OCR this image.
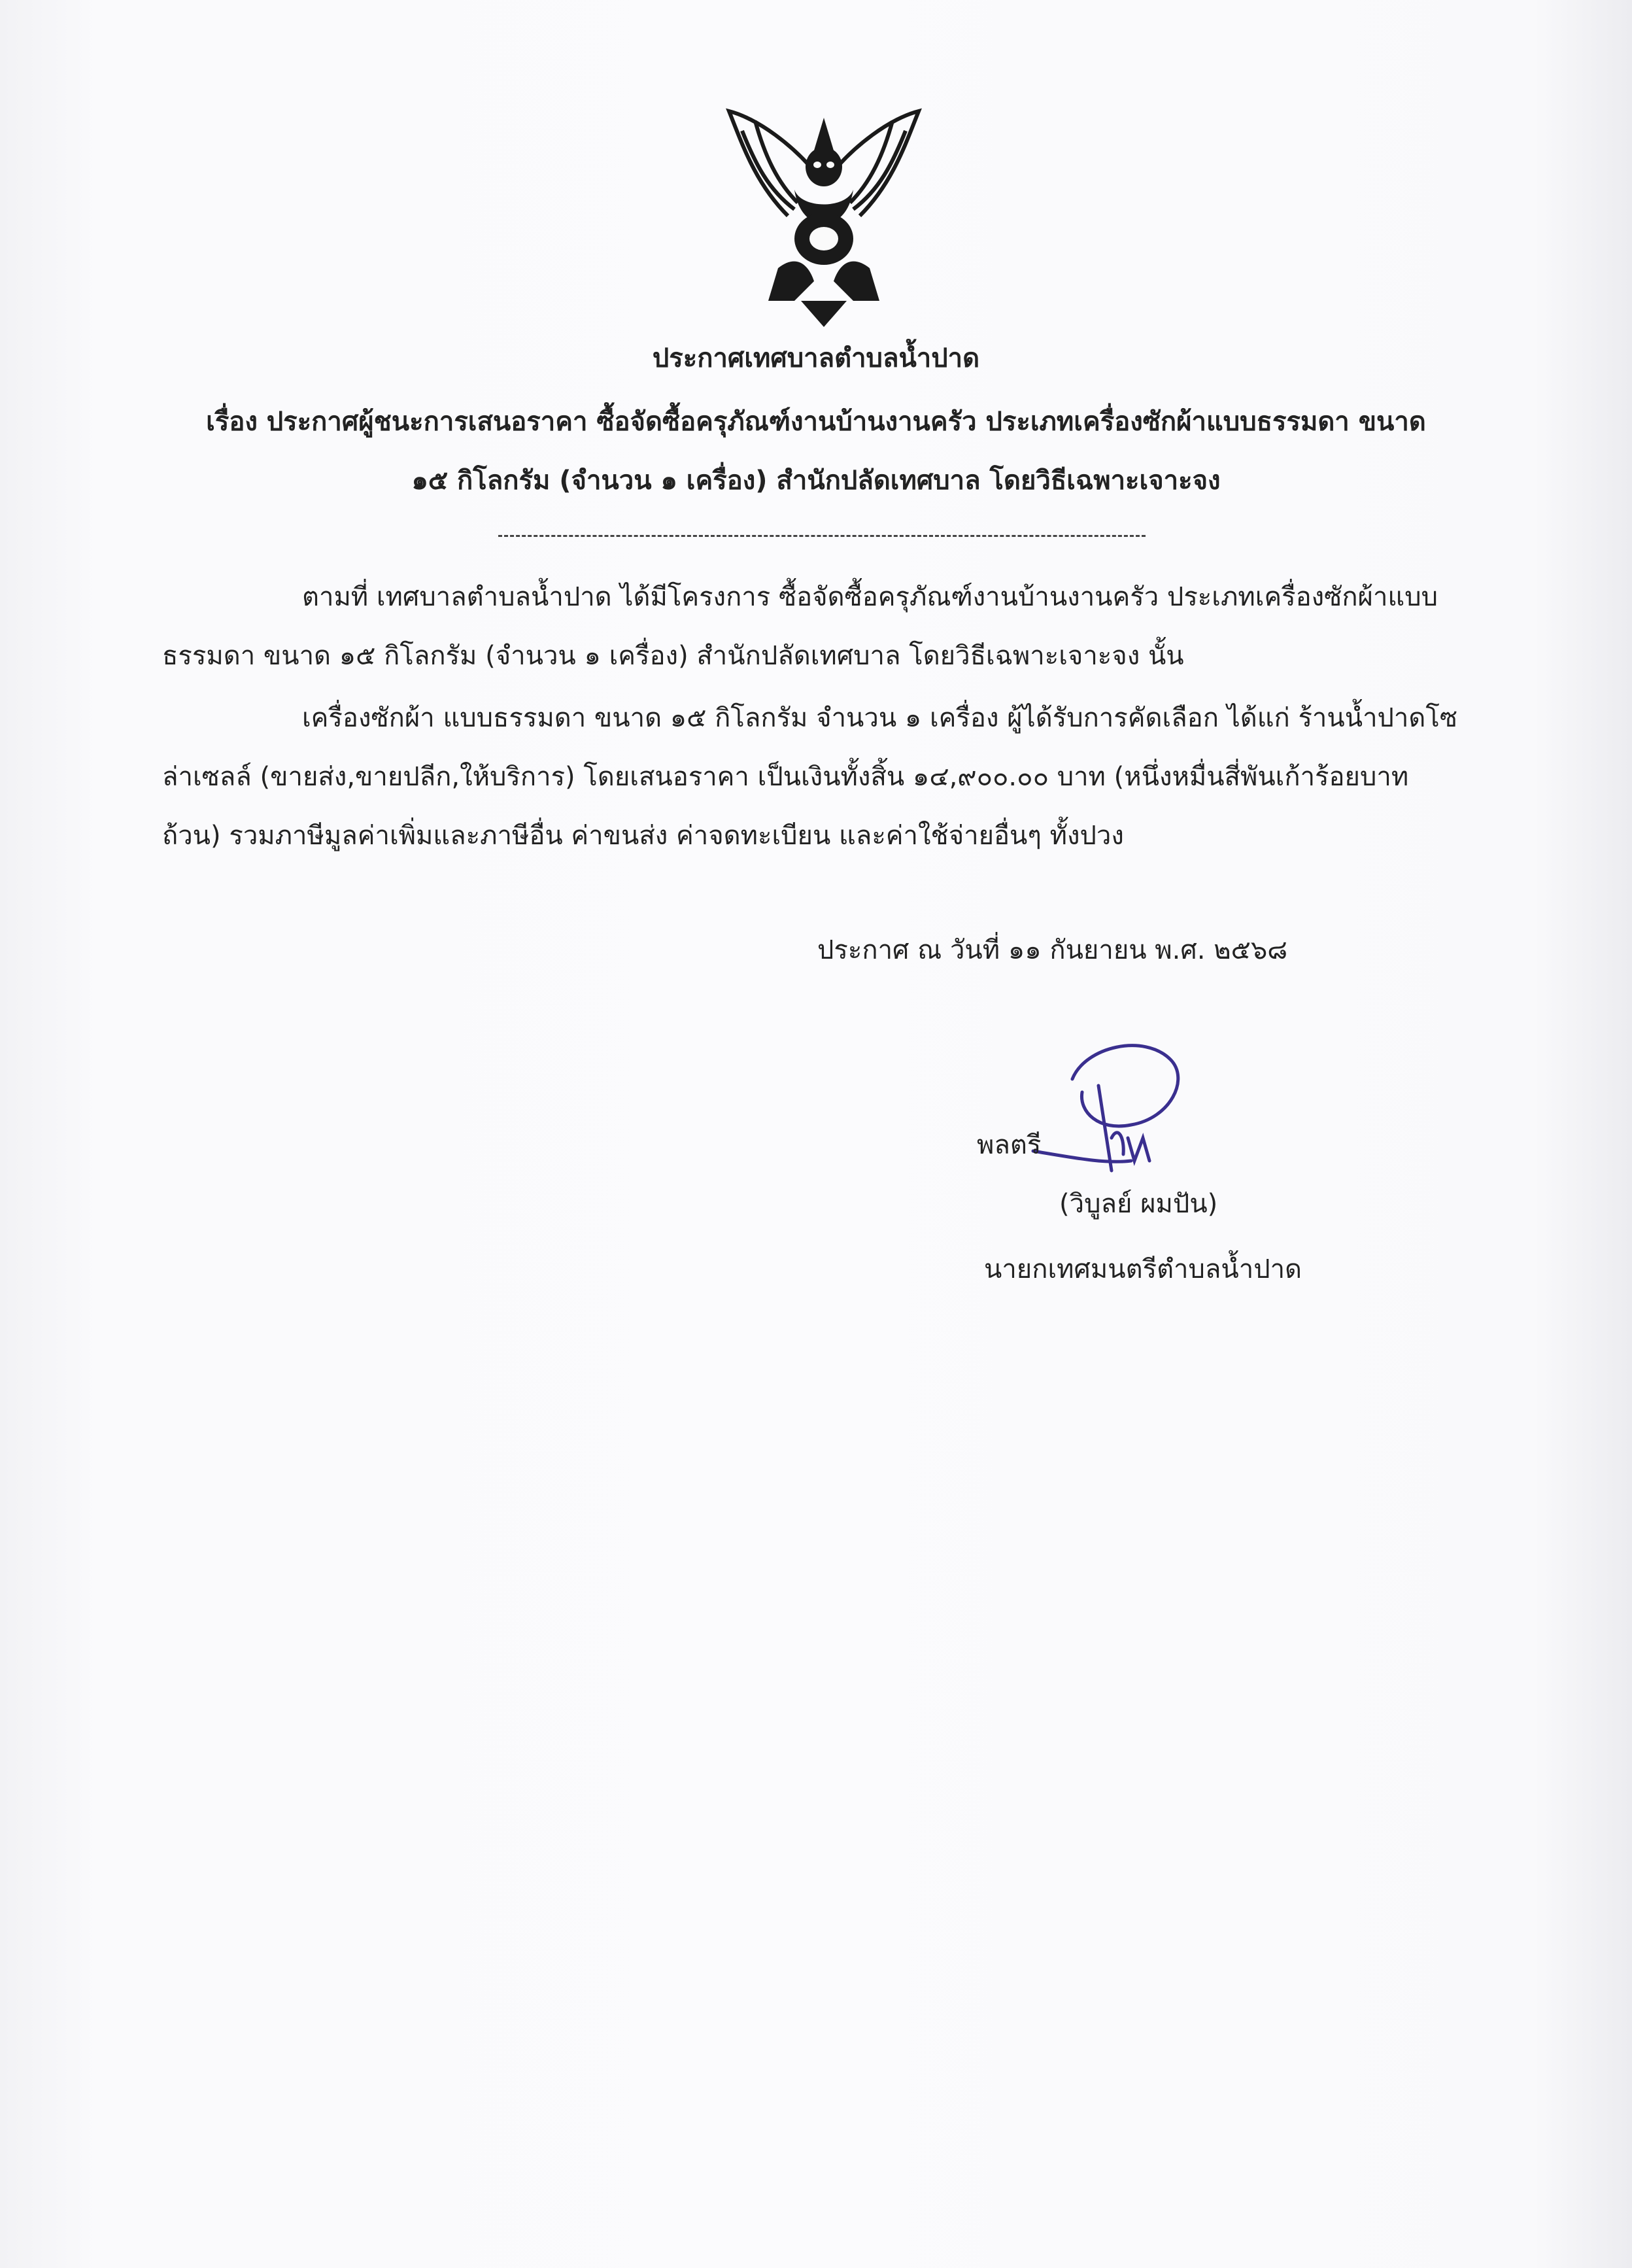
ประกาศเทศบาลตำบลน้ำปาด
เรื่อง ประกาศผู้ชนะการเสนอราคา ซื้อจัดซื้อครุภัณฑ์งานบ้านงานครัว ประเภทเครื่องซักผ้าแบบธรรมดา ขนาด
๑๕ กิโลกรัม (จำนวน ๑ เครื่อง) สำนักปลัดเทศบาล โดยวิธีเฉพาะเจาะจง
ตามที่ เทศบาลตำบลน้ำปาด ได้มีโครงการ ซื้อจัดซื้อครุภัณฑ์งานบ้านงานครัว ประเภทเครื่องซักผ้าแบบ
ธรรมดา ขนาด ๑๕ กิโลกรัม (จำนวน ๑ เครื่อง) สำนักปลัดเทศบาล โดยวิธีเฉพาะเจาะจง นั้น
เครื่องซักผ้า แบบธรรมดา ขนาด ๑๕ กิโลกรัม จำนวน ๑ เครื่อง ผู้ได้รับการคัดเลือก ได้แก่ ร้านน้ำปาดโซ
ล่าเซลล์ (ขายส่ง,ขายปลีก,ให้บริการ) โดยเสนอราคา เป็นเงินทั้งสิ้น ๑๔,๙๐๐.๐๐ บาท (หนึ่งหมื่นสี่พันเก้าร้อยบาท
ถ้วน) รวมภาษีมูลค่าเพิ่มและภาษีอื่น ค่าขนส่ง ค่าจดทะเบียน และค่าใช้จ่ายอื่นๆ ทั้งปวง
ประกาศ ณ วันที่ ๑๑ กันยายน พ.ศ. ๒๕๖๘
พลตรี
(วิบูลย์ ผมปัน)
นายกเทศมนตรีตำบลน้ำปาด
